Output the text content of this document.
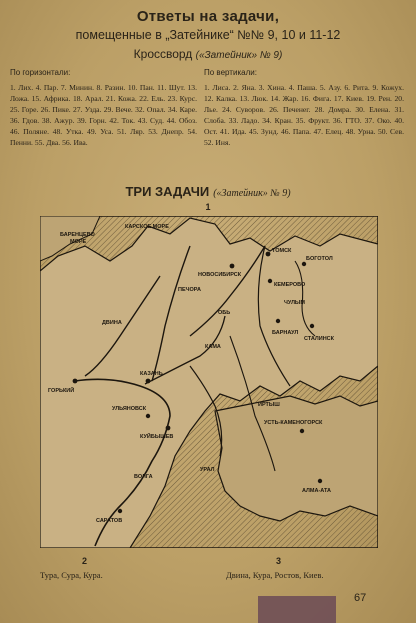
Ответы на задачи,
помещенные в „Затейнике“ №№ 9, 10 и 11-12
Кроссворд («Затейник» № 9)
По горизонтали:
1. Лих. 4. Пар. 7. Минин. 8. Разин. 10. Пан. 11. Шут. 13. Ложа. 15. Африка. 18. Арал. 21. Кожа. 22. Ель. 23. Курс. 25. Горе. 26. Пике. 27. Узда. 29. Вече. 32. Опал. 34. Каре. 36. Гдов. 38. Ажур. 39. Горн. 42. Ток. 43. Суд. 44. Обоз. 46. Поляне. 48. Утка. 49. Уса. 51. Ляр. 53. Днепр. 54. Пенни. 55. Два. 56. Ива.
По вертикали:
1. Лиса. 2. Яна. 3. Хина. 4. Паша. 5. Азу. 6. Рита. 9. Кожух. 12. Калка. 13. Люк. 14. Жар. 16. Фига. 17. Киев. 19. Рен. 20. Лье. 24. Суворов. 26. Печенег. 28. Домра. 30. Елена. 31. Слоба. 33. Ладо. 34. Кран. 35. Фрукт. 36. ГТО. 37. Око. 40. Ост. 41. Ида. 45. Зунд. 46. Папа. 47. Елец. 48. Урна. 50. Сев. 52. Иня.
ТРИ ЗАДАЧИ («Затейник» № 9)
1
БАРЕНЦЕВО
МОРЕ
КАРСКОЕ МОРЕ
ПЕЧОРА
ДВИНА
КАМА
КАЗАНЬ
ГОРЬКИЙ
УЛЬЯНОВСК
КУЙБЫШЕВ
САРАТОВ
ОБЬ
ТОМСК
НОВОСИБИРСК
КЕМЕРОВО
БОГОТОЛ
СТАЛИНСК
БАРНАУЛ
ИРТЫШ
УСТЬ-КАМЕНОГОРСК
АЛМА-АТА
ВОЛГА
УРАЛ
ЧУЛЫМ
2
Тура, Сура, Кура.
3
Двина, Кура, Ростов, Киев.
67
